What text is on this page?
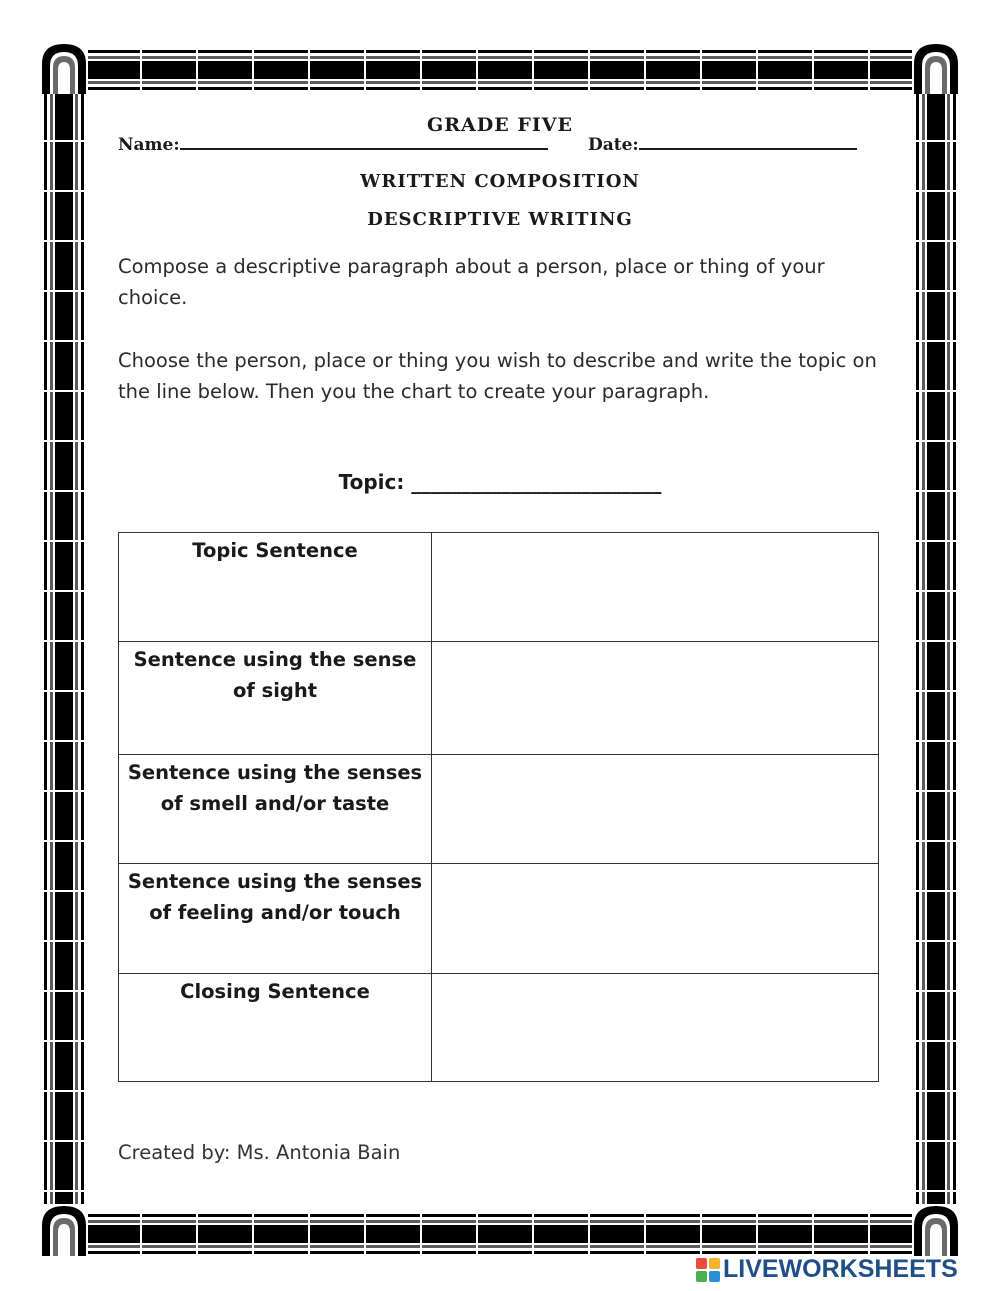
GRADE FIVE
Name:	Date:
WRITTEN COMPOSITION
DESCRIPTIVE WRITING
Compose a descriptive paragraph about a person, place or thing of your choice.
Choose the person, place or thing you wish to describe and write the topic on the line below. Then you the chart to create your paragraph.
Topic: _________________________
Topic Sentence	
Sentence using the sense of sight	
Sentence using the senses of smell and/or taste	
Sentence using the senses of feeling and/or touch	
Closing Sentence	
Created by: Ms. Antonia Bain
LIVEWORKSHEETS
